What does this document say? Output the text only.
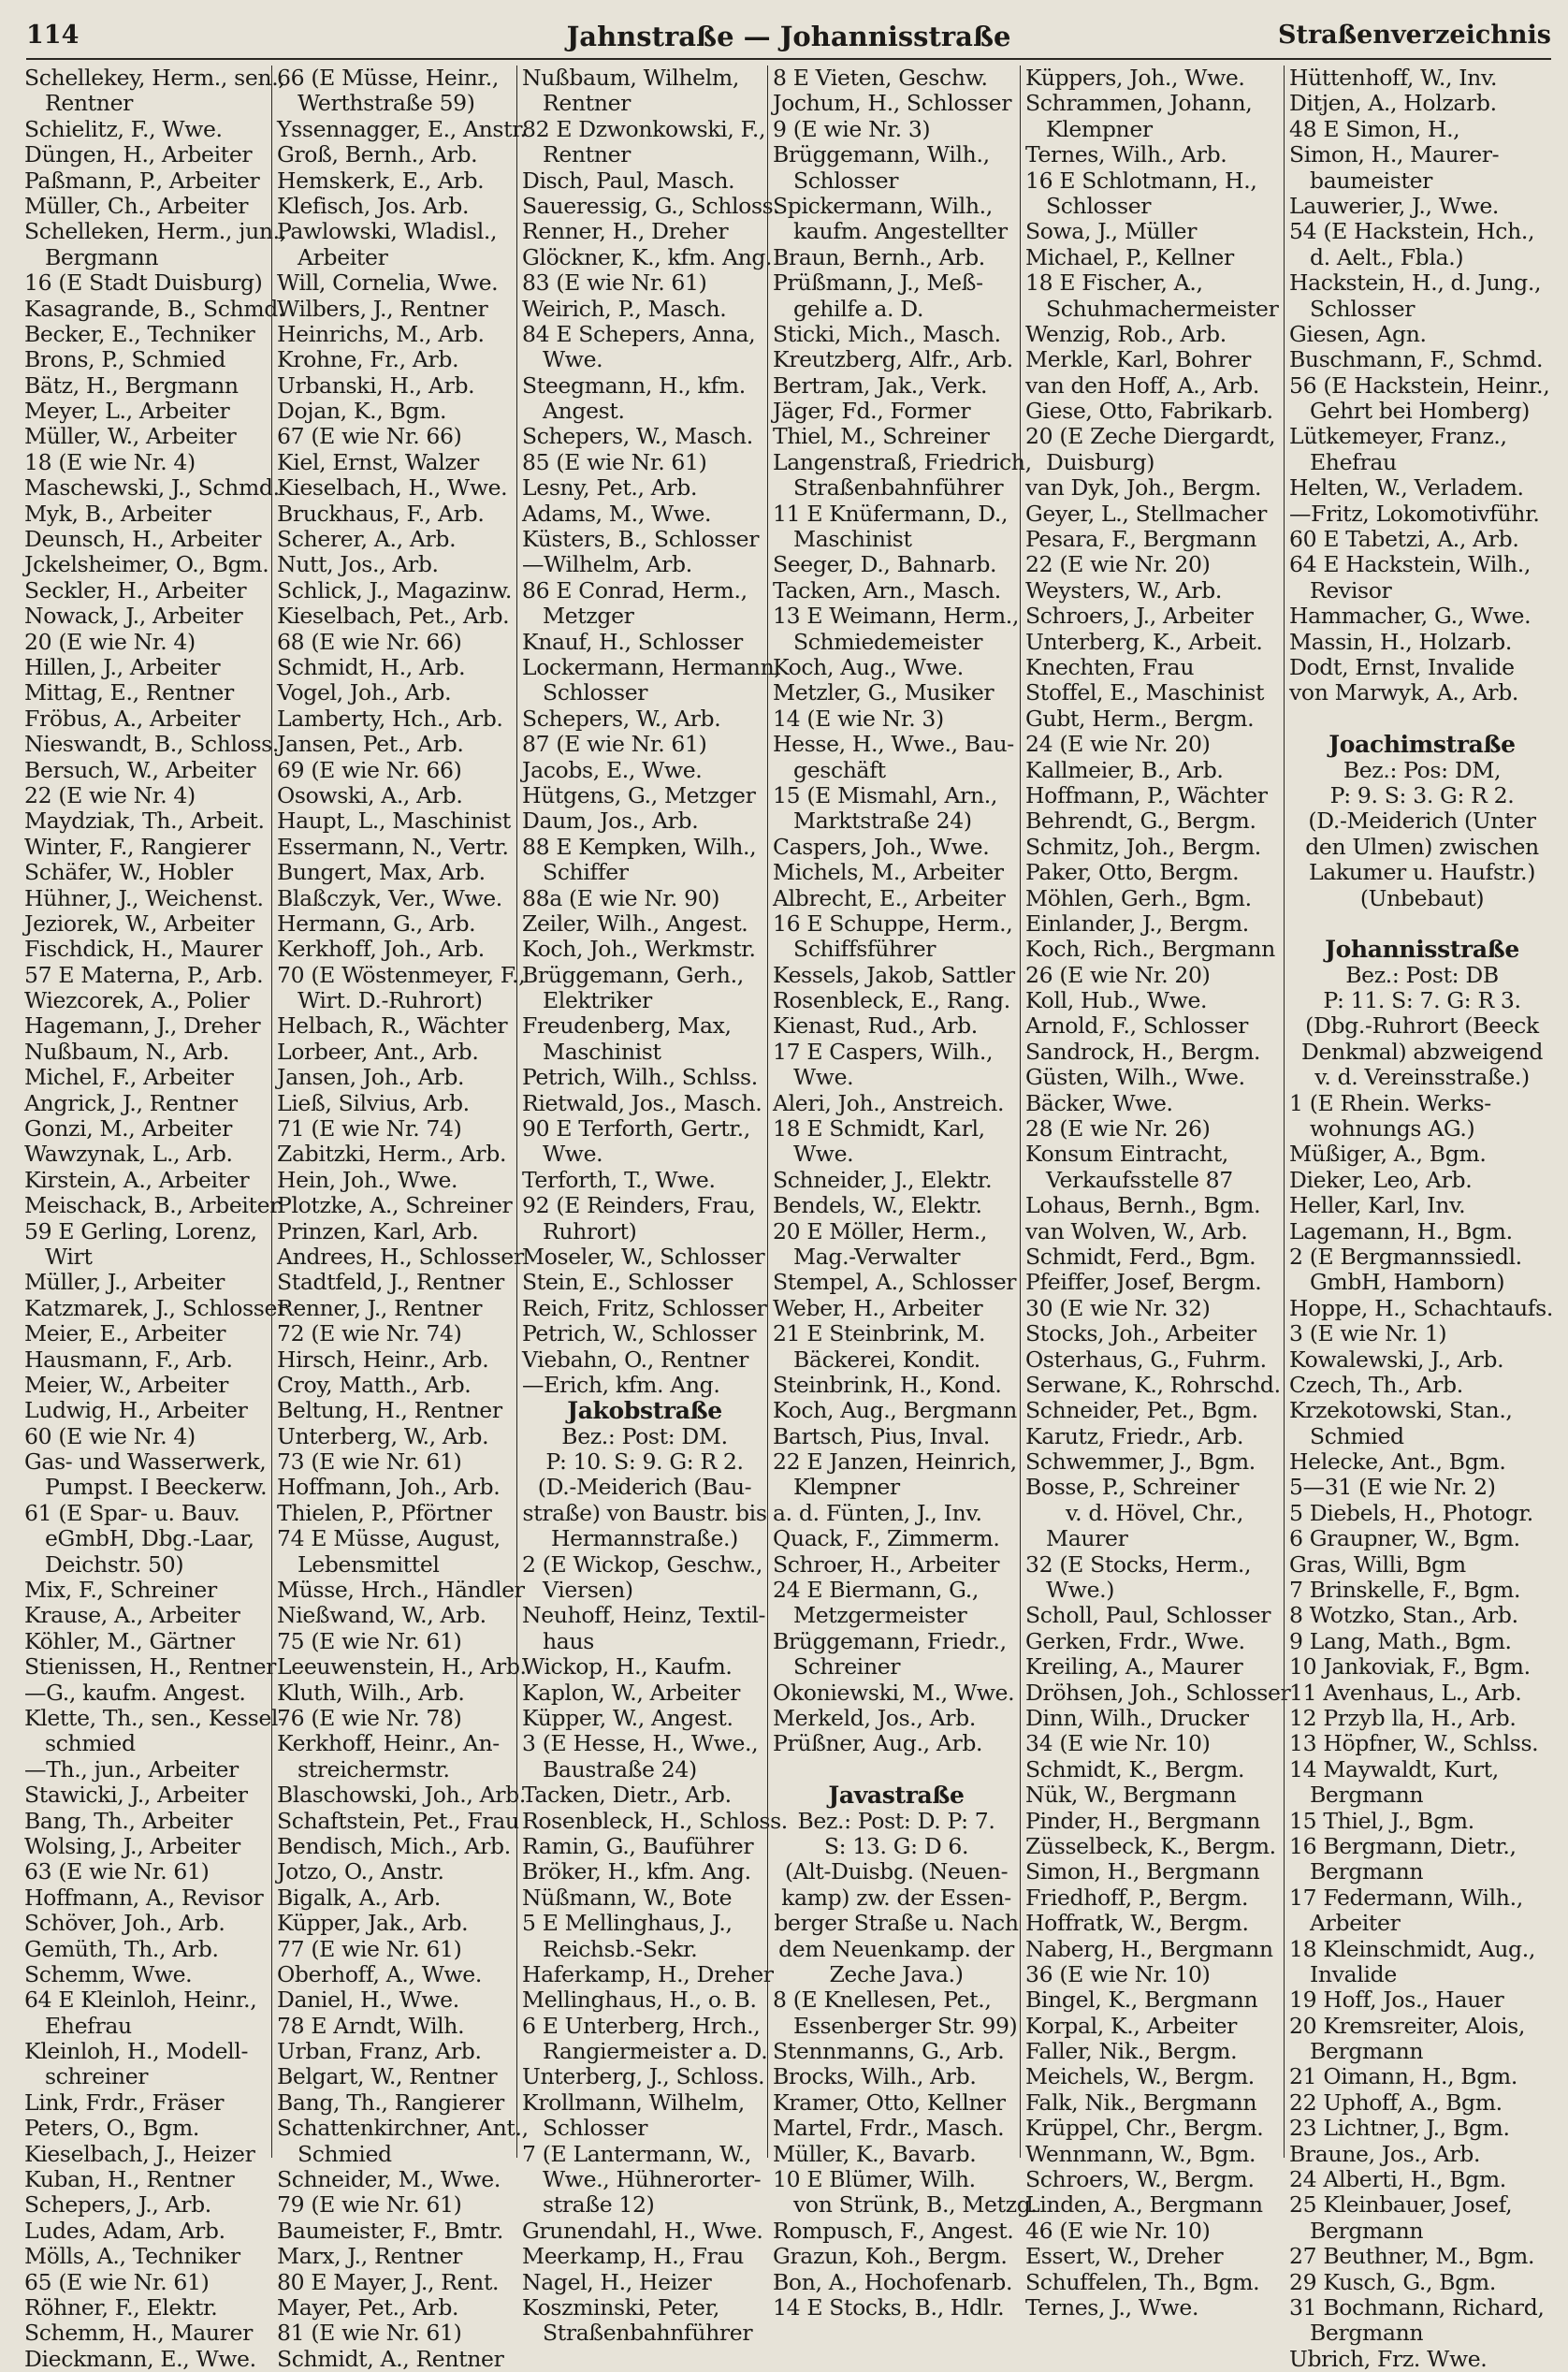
114	Jahnstraße — Johannisstraße	Straßenverzeichnis
Schellekey, Herm., sen.,
Rentner
Schielitz, F., Wwe.
Düngen, H., Arbeiter
Paßmann, P., Arbeiter
Müller, Ch., Arbeiter
Schelleken, Herm., jun.,
Bergmann
16 (E Stadt Duisburg)
Kasagrande, B., Schmd.
Becker, E., Techniker
Brons, P., Schmied
Bätz, H., Bergmann
Meyer, L., Arbeiter
Müller, W., Arbeiter
18 (E wie Nr. 4)
Maschewski, J., Schmd.
Myk, B., Arbeiter
Deunsch, H., Arbeiter
Jckelsheimer, O., Bgm.
Seckler, H., Arbeiter
Nowack, J., Arbeiter
20 (E wie Nr. 4)
Hillen, J., Arbeiter
Mittag, E., Rentner
Fröbus, A., Arbeiter
Nieswandt, B., Schloss.
Bersuch, W., Arbeiter
22 (E wie Nr. 4)
Maydziak, Th., Arbeit.
Winter, F., Rangierer
Schäfer, W., Hobler
Hühner, J., Weichenst.
Jeziorek, W., Arbeiter
Fischdick, H., Maurer
57 E Materna, P., Arb.
Wiezcorek, A., Polier
Hagemann, J., Dreher
Nußbaum, N., Arb.
Michel, F., Arbeiter
Angrick, J., Rentner
Gonzi, M., Arbeiter
Wawzynak, L., Arb.
Kirstein, A., Arbeiter
Meischack, B., Arbeiter
59 E Gerling, Lorenz,
Wirt
Müller, J., Arbeiter
Katzmarek, J., Schlosser
Meier, E., Arbeiter
Hausmann, F., Arb.
Meier, W., Arbeiter
Ludwig, H., Arbeiter
60 (E wie Nr. 4)
Gas- und Wasserwerk,
Pumpst. I Beeckerw.
61 (E Spar- u. Bauv.
eGmbH, Dbg.-Laar,
Deichstr. 50)
Mix, F., Schreiner
Krause, A., Arbeiter
Köhler, M., Gärtner
Stienissen, H., Rentner
—G., kaufm. Angest.
Klette, Th., sen., Kessel-
schmied
—Th., jun., Arbeiter
Stawicki, J., Arbeiter
Bang, Th., Arbeiter
Wolsing, J., Arbeiter
63 (E wie Nr. 61)
Hoffmann, A., Revisor
Schöver, Joh., Arb.
Gemüth, Th., Arb.
Schemm, Wwe.
64 E Kleinloh, Heinr.,
Ehefrau
Kleinloh, H., Modell-
schreiner
Link, Frdr., Fräser
Peters, O., Bgm.
Kieselbach, J., Heizer
Kuban, H., Rentner
Schepers, J., Arb.
Ludes, Adam, Arb.
Mölls, A., Techniker
65 (E wie Nr. 61)
Röhner, F., Elektr.
Schemm, H., Maurer
Dieckmann, E., Wwe.
66 (E Müsse, Heinr.,
Werthstraße 59)
Yssennagger, E., Anstr.
Groß, Bernh., Arb.
Hemskerk, E., Arb.
Klefisch, Jos. Arb.
Pawlowski, Wladisl.,
Arbeiter
Will, Cornelia, Wwe.
Wilbers, J., Rentner
Heinrichs, M., Arb.
Krohne, Fr., Arb.
Urbanski, H., Arb.
Dojan, K., Bgm.
67 (E wie Nr. 66)
Kiel, Ernst, Walzer
Kieselbach, H., Wwe.
Bruckhaus, F., Arb.
Scherer, A., Arb.
Nutt, Jos., Arb.
Schlick, J., Magazinw.
Kieselbach, Pet., Arb.
68 (E wie Nr. 66)
Schmidt, H., Arb.
Vogel, Joh., Arb.
Lamberty, Hch., Arb.
Jansen, Pet., Arb.
69 (E wie Nr. 66)
Osowski, A., Arb.
Haupt, L., Maschinist
Essermann, N., Vertr.
Bungert, Max, Arb.
Blaßczyk, Ver., Wwe.
Hermann, G., Arb.
Kerkhoff, Joh., Arb.
70 (E Wöstenmeyer, F.,
Wirt. D.-Ruhrort)
Helbach, R., Wächter
Lorbeer, Ant., Arb.
Jansen, Joh., Arb.
Ließ, Silvius, Arb.
71 (E wie Nr. 74)
Zabitzki, Herm., Arb.
Hein, Joh., Wwe.
Plotzke, A., Schreiner
Prinzen, Karl, Arb.
Andrees, H., Schlosser
Stadtfeld, J., Rentner
Renner, J., Rentner
72 (E wie Nr. 74)
Hirsch, Heinr., Arb.
Croy, Matth., Arb.
Beltung, H., Rentner
Unterberg, W., Arb.
73 (E wie Nr. 61)
Hoffmann, Joh., Arb.
Thielen, P., Pförtner
74 E Müsse, August,
Lebensmittel
Müsse, Hrch., Händler
Nießwand, W., Arb.
75 (E wie Nr. 61)
Leeuwenstein, H., Arb.
Kluth, Wilh., Arb.
76 (E wie Nr. 78)
Kerkhoff, Heinr., An-
streichermstr.
Blaschowski, Joh., Arb.
Schaftstein, Pet., Frau
Bendisch, Mich., Arb.
Jotzo, O., Anstr.
Bigalk, A., Arb.
Küpper, Jak., Arb.
77 (E wie Nr. 61)
Oberhoff, A., Wwe.
Daniel, H., Wwe.
78 E Arndt, Wilh.
Urban, Franz, Arb.
Belgart, W., Rentner
Bang, Th., Rangierer
Schattenkirchner, Ant.,
Schmied
Schneider, M., Wwe.
79 (E wie Nr. 61)
Baumeister, F., Bmtr.
Marx, J., Rentner
80 E Mayer, J., Rent.
Mayer, Pet., Arb.
81 (E wie Nr. 61)
Schmidt, A., Rentner
Nußbaum, Wilhelm,
Rentner
82 E Dzwonkowski, F.,
Rentner
Disch, Paul, Masch.
Saueressig, G., Schloss.
Renner, H., Dreher
Glöckner, K., kfm. Ang.
83 (E wie Nr. 61)
Weirich, P., Masch.
84 E Schepers, Anna,
Wwe.
Steegmann, H., kfm.
Angest.
Schepers, W., Masch.
85 (E wie Nr. 61)
Lesny, Pet., Arb.
Adams, M., Wwe.
Küsters, B., Schlosser
—Wilhelm, Arb.
86 E Conrad, Herm.,
Metzger
Knauf, H., Schlosser
Lockermann, Hermann,
Schlosser
Schepers, W., Arb.
87 (E wie Nr. 61)
Jacobs, E., Wwe.
Hütgens, G., Metzger
Daum, Jos., Arb.
88 E Kempken, Wilh.,
Schiffer
88a (E wie Nr. 90)
Zeiler, Wilh., Angest.
Koch, Joh., Werkmstr.
Brüggemann, Gerh.,
Elektriker
Freudenberg, Max,
Maschinist
Petrich, Wilh., Schlss.
Rietwald, Jos., Masch.
90 E Terforth, Gertr.,
Wwe.
Terforth, T., Wwe.
92 (E Reinders, Frau,
Ruhrort)
Moseler, W., Schlosser
Stein, E., Schlosser
Reich, Fritz, Schlosser
Petrich, W., Schlosser
Viebahn, O., Rentner
—Erich, kfm. Ang.
Jakobstraße
Bez.: Post: DM.
P: 10. S: 9. G: R 2.
(D.-Meiderich (Bau-
straße) von Baustr. bis
Hermannstraße.)
2 (E Wickop, Geschw.,
Viersen)
Neuhoff, Heinz, Textil-
haus
Wickop, H., Kaufm.
Kaplon, W., Arbeiter
Küpper, W., Angest.
3 (E Hesse, H., Wwe.,
Baustraße 24)
Tacken, Dietr., Arb.
Rosenbleck, H., Schloss.
Ramin, G., Bauführer
Bröker, H., kfm. Ang.
Nüßmann, W., Bote
5 E Mellinghaus, J.,
Reichsb.-Sekr.
Haferkamp, H., Dreher
Mellinghaus, H., o. B.
6 E Unterberg, Hrch.,
Rangiermeister a. D.
Unterberg, J., Schloss.
Krollmann, Wilhelm,
Schlosser
7 (E Lantermann, W.,
Wwe., Hühnerorter-
straße 12)
Grunendahl, H., Wwe.
Meerkamp, H., Frau
Nagel, H., Heizer
Koszminski, Peter,
Straßenbahnführer
8 E Vieten, Geschw.
Jochum, H., Schlosser
9 (E wie Nr. 3)
Brüggemann, Wilh.,
Schlosser
Spickermann, Wilh.,
kaufm. Angestellter
Braun, Bernh., Arb.
Prüßmann, J., Meß-
gehilfe a. D.
Sticki, Mich., Masch.
Kreutzberg, Alfr., Arb.
Bertram, Jak., Verk.
Jäger, Fd., Former
Thiel, M., Schreiner
Langenstraß, Friedrich,
Straßenbahnführer
11 E Knüfermann, D.,
Maschinist
Seeger, D., Bahnarb.
Tacken, Arn., Masch.
13 E Weimann, Herm.,
Schmiedemeister
Koch, Aug., Wwe.
Metzler, G., Musiker
14 (E wie Nr. 3)
Hesse, H., Wwe., Bau-
geschäft
15 (E Mismahl, Arn.,
Marktstraße 24)
Caspers, Joh., Wwe.
Michels, M., Arbeiter
Albrecht, E., Arbeiter
16 E Schuppe, Herm.,
Schiffsführer
Kessels, Jakob, Sattler
Rosenbleck, E., Rang.
Kienast, Rud., Arb.
17 E Caspers, Wilh.,
Wwe.
Aleri, Joh., Anstreich.
18 E Schmidt, Karl,
Wwe.
Schneider, J., Elektr.
Bendels, W., Elektr.
20 E Möller, Herm.,
Mag.-Verwalter
Stempel, A., Schlosser
Weber, H., Arbeiter
21 E Steinbrink, M.
Bäckerei, Kondit.
Steinbrink, H., Kond.
Koch, Aug., Bergmann
Bartsch, Pius, Inval.
22 E Janzen, Heinrich,
Klempner
a. d. Fünten, J., Inv.
Quack, F., Zimmerm.
Schroer, H., Arbeiter
24 E Biermann, G.,
Metzgermeister
Brüggemann, Friedr.,
Schreiner
Okoniewski, M., Wwe.
Merkeld, Jos., Arb.
Prüßner, Aug., Arb.
Javastraße
Bez.: Post: D. P: 7.
S: 13. G: D 6.
(Alt-Duisbg. (Neuen-
kamp) zw. der Essen-
berger Straße u. Nach
dem Neuenkamp. der
Zeche Java.)
8 (E Knellesen, Pet.,
Essenberger Str. 99)
Stennmanns, G., Arb.
Brocks, Wilh., Arb.
Kramer, Otto, Kellner
Martel, Frdr., Masch.
Müller, K., Bavarb.
10 E Blümer, Wilh.
von Strünk, B., Metzg.
Rompusch, F., Angest.
Grazun, Koh., Bergm.
Bon, A., Hochofenarb.
14 E Stocks, B., Hdlr.
Küppers, Joh., Wwe.
Schrammen, Johann,
Klempner
Ternes, Wilh., Arb.
16 E Schlotmann, H.,
Schlosser
Sowa, J., Müller
Michael, P., Kellner
18 E Fischer, A.,
Schuhmachermeister
Wenzig, Rob., Arb.
Merkle, Karl, Bohrer
van den Hoff, A., Arb.
Giese, Otto, Fabrikarb.
20 (E Zeche Diergardt,
Duisburg)
van Dyk, Joh., Bergm.
Geyer, L., Stellmacher
Pesara, F., Bergmann
22 (E wie Nr. 20)
Weysters, W., Arb.
Schroers, J., Arbeiter
Unterberg, K., Arbeit.
Knechten, Frau
Stoffel, E., Maschinist
Gubt, Herm., Bergm.
24 (E wie Nr. 20)
Kallmeier, B., Arb.
Hoffmann, P., Wächter
Behrendt, G., Bergm.
Schmitz, Joh., Bergm.
Paker, Otto, Bergm.
Möhlen, Gerh., Bgm.
Einlander, J., Bergm.
Koch, Rich., Bergmann
26 (E wie Nr. 20)
Koll, Hub., Wwe.
Arnold, F., Schlosser
Sandrock, H., Bergm.
Güsten, Wilh., Wwe.
Bäcker, Wwe.
28 (E wie Nr. 26)
Konsum Eintracht,
Verkaufsstelle 87
Lohaus, Bernh., Bgm.
van Wolven, W., Arb.
Schmidt, Ferd., Bgm.
Pfeiffer, Josef, Bergm.
30 (E wie Nr. 32)
Stocks, Joh., Arbeiter
Osterhaus, G., Fuhrm.
Serwane, K., Rohrschd.
Schneider, Pet., Bgm.
Karutz, Friedr., Arb.
Schwemmer, J., Bgm.
Bosse, P., Schreiner
v. d. Hövel, Chr.,
Maurer
32 (E Stocks, Herm.,
Wwe.)
Scholl, Paul, Schlosser
Gerken, Frdr., Wwe.
Kreiling, A., Maurer
Dröhsen, Joh., Schlosser
Dinn, Wilh., Drucker
34 (E wie Nr. 10)
Schmidt, K., Bergm.
Nük, W., Bergmann
Pinder, H., Bergmann
Züsselbeck, K., Bergm.
Simon, H., Bergmann
Friedhoff, P., Bergm.
Hoffratk, W., Bergm.
Naberg, H., Bergmann
36 (E wie Nr. 10)
Bingel, K., Bergmann
Korpal, K., Arbeiter
Faller, Nik., Bergm.
Meichels, W., Bergm.
Falk, Nik., Bergmann
Krüppel, Chr., Bergm.
Wennmann, W., Bgm.
Schroers, W., Bergm.
Linden, A., Bergmann
46 (E wie Nr. 10)
Essert, W., Dreher
Schuffelen, Th., Bgm.
Ternes, J., Wwe.
Hüttenhoff, W., Inv.
Ditjen, A., Holzarb.
48 E Simon, H.,
Simon, H., Maurer-
baumeister
Lauwerier, J., Wwe.
54 (E Hackstein, Hch.,
d. Aelt., Fbla.)
Hackstein, H., d. Jung.,
Schlosser
Giesen, Agn.
Buschmann, F., Schmd.
56 (E Hackstein, Heinr.,
Gehrt bei Homberg)
Lütkemeyer, Franz.,
Ehefrau
Helten, W., Verladem.
—Fritz, Lokomotivführ.
60 E Tabetzi, A., Arb.
64 E Hackstein, Wilh.,
Revisor
Hammacher, G., Wwe.
Massin, H., Holzarb.
Dodt, Ernst, Invalide
von Marwyk, A., Arb.
Joachimstraße
Bez.: Pos: DM,
P: 9. S: 3. G: R 2.
(D.-Meiderich (Unter
den Ulmen) zwischen
Lakumer u. Haufstr.)
(Unbebaut)
Johannisstraße
Bez.: Post: DB
P: 11. S: 7. G: R 3.
(Dbg.-Ruhrort (Beeck
Denkmal) abzweigend
v. d. Vereinsstraße.)
1 (E Rhein. Werks-
wohnungs AG.)
Müßiger, A., Bgm.
Dieker, Leo, Arb.
Heller, Karl, Inv.
Lagemann, H., Bgm.
2 (E Bergmannssiedl.
GmbH, Hamborn)
Hoppe, H., Schachtaufs.
3 (E wie Nr. 1)
Kowalewski, J., Arb.
Czech, Th., Arb.
Krzekotowski, Stan.,
Schmied
Helecke, Ant., Bgm.
5—31 (E wie Nr. 2)
5 Diebels, H., Photogr.
6 Graupner, W., Bgm.
Gras, Willi, Bgm
7 Brinskelle, F., Bgm.
8 Wotzko, Stan., Arb.
9 Lang, Math., Bgm.
10 Jankoviak, F., Bgm.
11 Avenhaus, L., Arb.
12 Przyb lla, H., Arb.
13 Höpfner, W., Schlss.
14 Maywaldt, Kurt,
Bergmann
15 Thiel, J., Bgm.
16 Bergmann, Dietr.,
Bergmann
17 Federmann, Wilh.,
Arbeiter
18 Kleinschmidt, Aug.,
Invalide
19 Hoff, Jos., Hauer
20 Kremsreiter, Alois,
Bergmann
21 Oimann, H., Bgm.
22 Uphoff, A., Bgm.
23 Lichtner, J., Bgm.
Braune, Jos., Arb.
24 Alberti, H., Bgm.
25 Kleinbauer, Josef,
Bergmann
27 Beuthner, M., Bgm.
29 Kusch, G., Bgm.
31 Bochmann, Richard,
Bergmann
Ubrich, Frz. Wwe.
